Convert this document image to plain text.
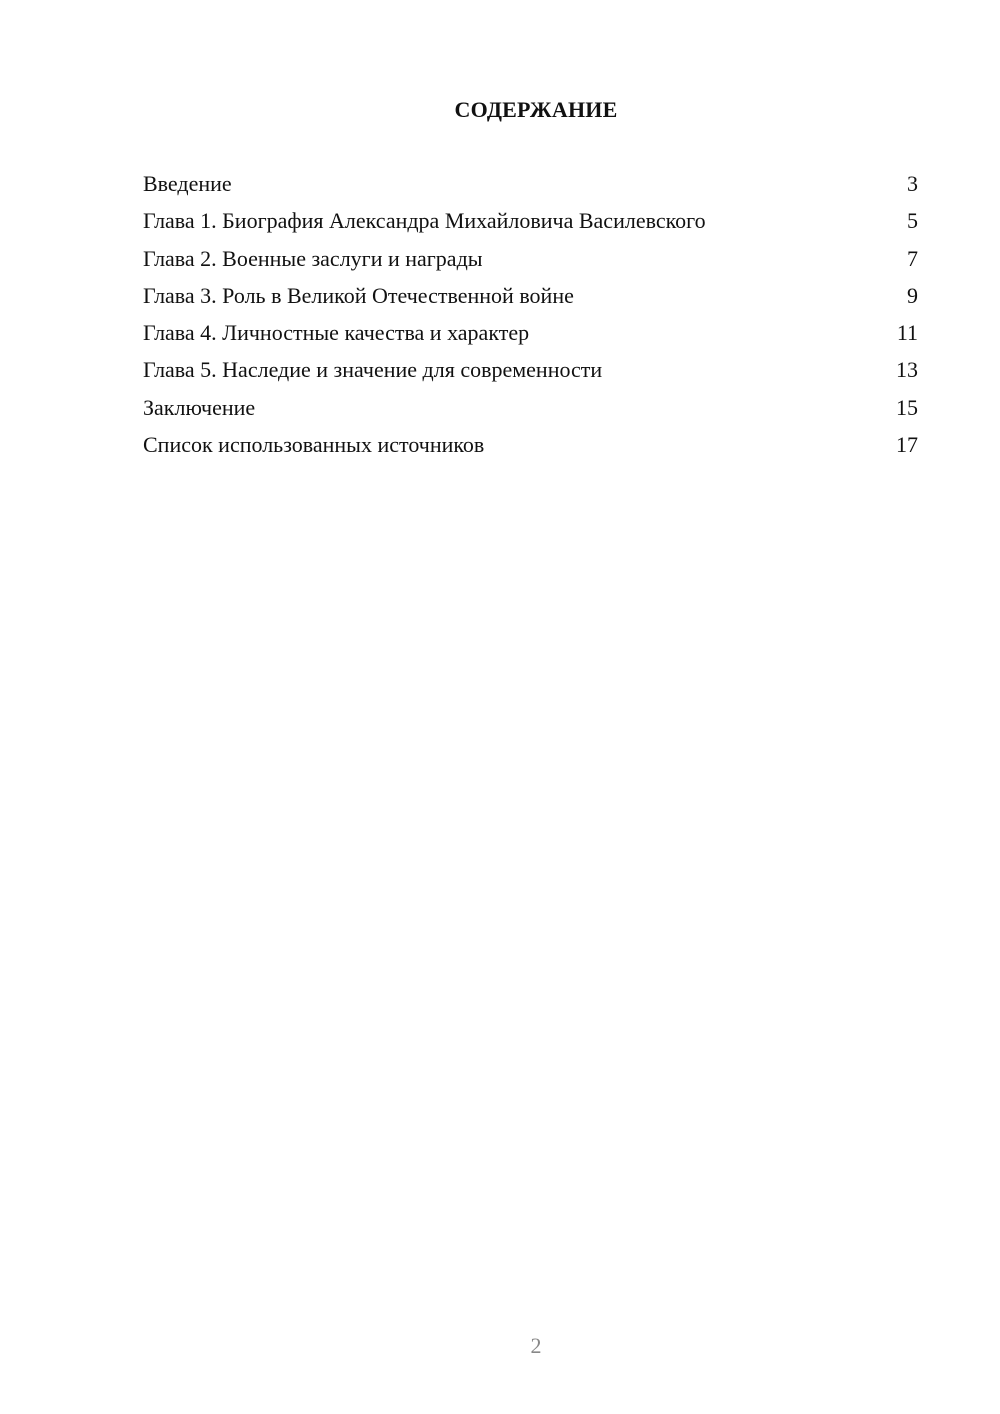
СОДЕРЖАНИЕ
Введение	3
Глава 1. Биография Александра Михайловича Василевского	5
Глава 2. Военные заслуги и награды	7
Глава 3. Роль в Великой Отечественной войне	9
Глава 4. Личностные качества и характер	11
Глава 5. Наследие и значение для современности	13
Заключение	15
Список использованных источников	17
2
